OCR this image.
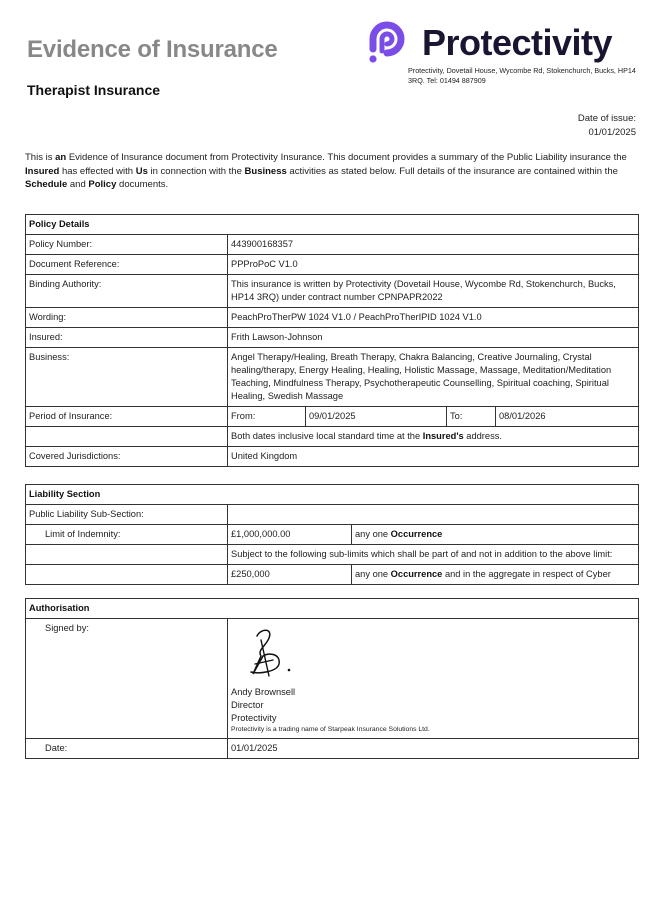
Evidence of Insurance
Therapist Insurance
Protectivity
Protectivity, Dovetail House, Wycombe Rd, Stokenchurch, Bucks, HP14 3RQ. Tel: 01494 887909
Date of issue:
01/01/2025
This is an Evidence of Insurance document from Protectivity Insurance. This document provides a summary of the Public Liability insurance the Insured has effected with Us in connection with the Business activities as stated below. Full details of the insurance are contained within the Schedule and Policy documents.
Policy Details				
Policy Number:	443900168357			
Document Reference:	PPProPoC V1.0			
Binding Authority:	This insurance is written by Protectivity (Dovetail House, Wycombe Rd, Stokenchurch, Bucks, HP14 3RQ) under contract number CPNPAPR2022			
Wording:	PeachProTherPW 1024 V1.0 / PeachProTherIPID 1024 V1.0			
Insured:	Frith Lawson-Johnson			
Business:	Angel Therapy/Healing, Breath Therapy, Chakra Balancing, Creative Journaling, Crystal healing/therapy, Energy Healing, Healing, Holistic Massage, Massage, Meditation/Meditation Teaching, Mindfulness Therapy, Psychotherapeutic Counselling, Spiritual coaching, Spiritual Healing, Swedish Massage			
Period of Insurance:	From:	09/01/2025	To:	08/01/2026
	Both dates inclusive local standard time at the Insured's address.			
Covered Jurisdictions:	United Kingdom			
Liability Section		
Public Liability Sub-Section:		
Limit of Indemnity:	£1,000,000.00	any one Occurrence
	Subject to the following sub-limits which shall be part of and not in addition to the above limit:	
	£250,000	any one Occurrence and in the aggregate in respect of Cyber
Authorisation	
Signed by:	Andy Brownsell
Director
Protectivity
Protectivity is a trading name of Starpeak Insurance Solutions Ltd.

Date:	01/01/2025
